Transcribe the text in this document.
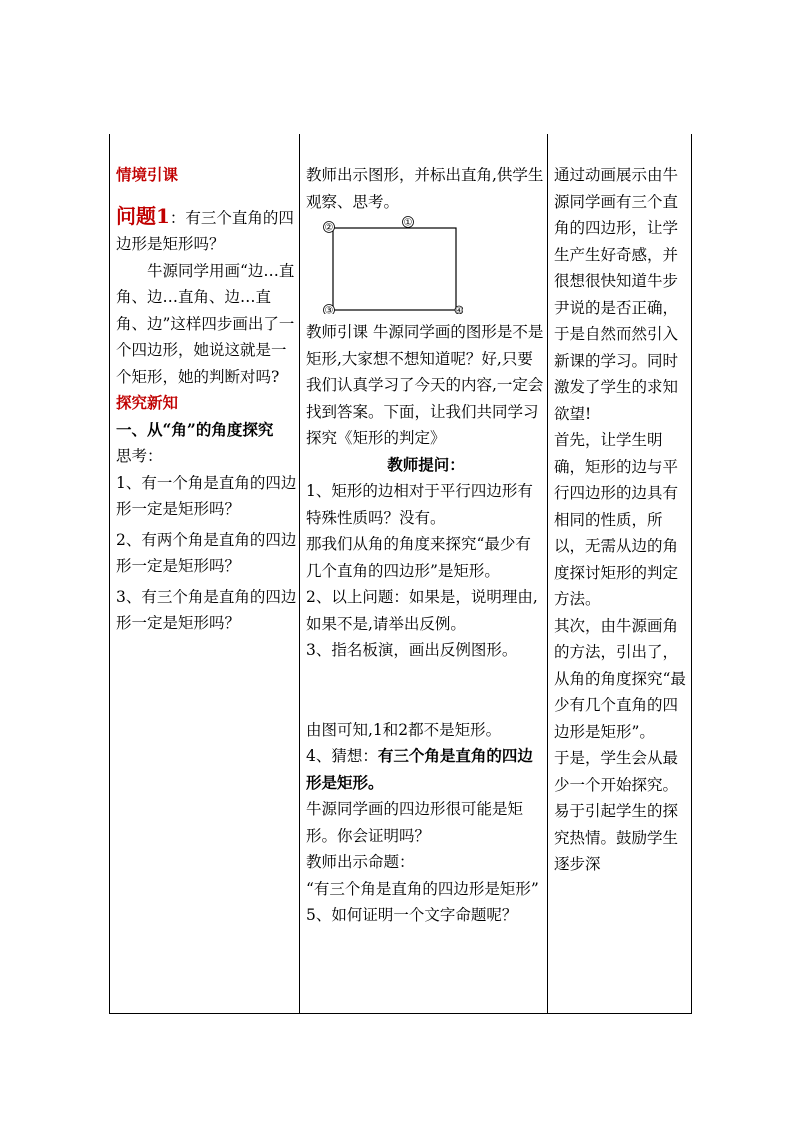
情境引课

问题1：有三个直角的四边形是矩形吗？

牛源同学用画“边…直角、边…直角、边…直角、边”这样四步画出了一个四边形，她说这就是一个矩形，她的判断对吗?

探究新知

一、从“角”的角度探究

思考：

1、有一个角是直角的四边形一定是矩形吗？

2、有两个角是直角的四边形一定是矩形吗？

3、有三个角是直角的四边形一定是矩形吗？

教师出示图形，并标出直角,供学生观察、思考。

教师引课 牛源同学画的图形是不是矩形,大家想不想知道呢？好,只要我们认真学习了今天的内容,一定会找到答案。下面，让我们共同学习探究《矩形的判定》

教师提问：

1、矩形的边相对于平行四边形有特殊性质吗？没有。

那我们从角的角度来探究“最少有几个直角的四边形”是矩形。

2、以上问题：如果是，说明理由,如果不是,请举出反例。

3、指名板演，画出反例图形。

由图可知,1和2都不是矩形。

4、猜想：有三个角是直角的四边形是矩形。

牛源同学画的四边形很可能是矩形。你会证明吗？

教师出示命题：

“有三个角是直角的四边形是矩形”

5、如何证明一个文字命题呢？

通过动画展示由牛源同学画有三个直角的四边形，让学生产生好奇感，并很想很快知道牛步尹说的是否正确，于是自然而然引入新课的学习。同时激发了学生的求知欲望!

首先，让学生明确，矩形的边与平行四边形的边具有相同的性质，所以，无需从边的角度探讨矩形的判定方法。

其次，由牛源画角的方法，引出了，从角的角度探究“最少有几个直角的四边形是矩形”。

于是，学生会从最少一个开始探究。

易于引起学生的探究热情。鼓励学生逐步深

①
②
③	④
